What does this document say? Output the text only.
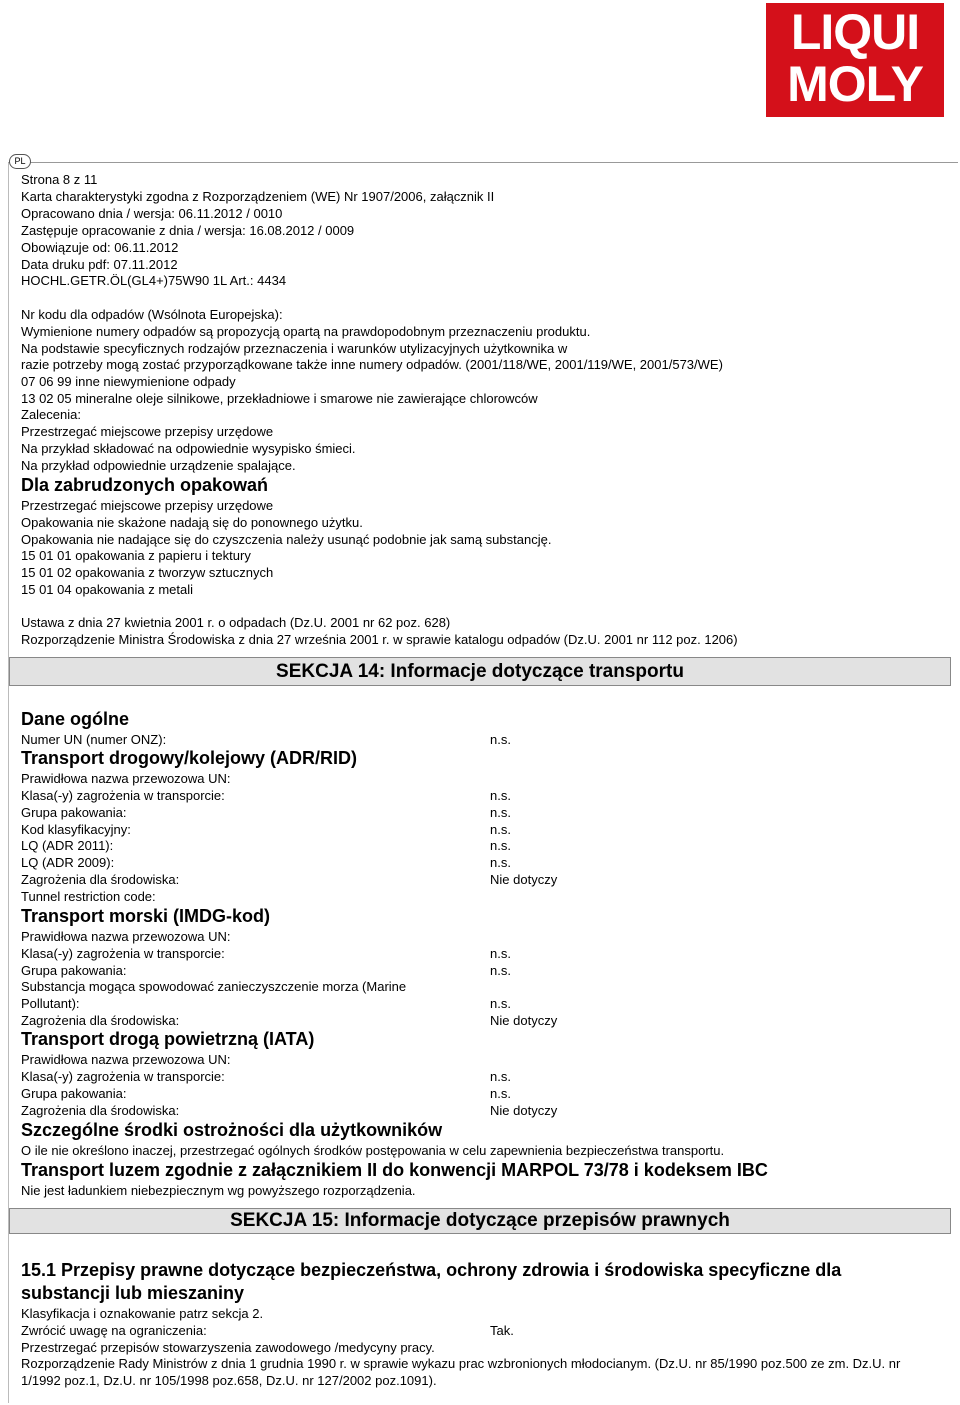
LIQUI
MOLY
PL
Strona 8 z 11
Karta charakterystyki zgodna z Rozporządzeniem (WE) Nr 1907/2006, załącznik II
Opracowano dnia / wersja: 06.11.2012 / 0010
Zastępuje opracowanie z dnia / wersja: 16.08.2012 / 0009
Obowiązuje od: 06.11.2012
Data druku pdf: 07.11.2012
HOCHL.GETR.ÖL(GL4+)75W90 1L Art.: 4434
Nr kodu dla odpadów (Wsólnota Europejska):
Wymienione numery odpadów są propozycją opartą na prawdopodobnym przeznaczeniu produktu.
Na podstawie specyficznych rodzajów przeznaczenia i warunków utylizacyjnych użytkownika w
razie potrzeby mogą zostać przyporządkowane także inne numery odpadów. (2001/118/WE, 2001/119/WE, 2001/573/WE)
07 06 99 inne niewymienione odpady
13 02 05 mineralne oleje silnikowe, przekładniowe i smarowe nie zawierające chlorowców
Zalecenia:
Przestrzegać miejscowe przepisy urzędowe
Na przykład składować na odpowiednie wysypisko śmieci.
Na przykład odpowiednie urządzenie spalające.
Dla zabrudzonych opakowań
Przestrzegać miejscowe przepisy urzędowe
Opakowania nie skażone nadają się do ponownego użytku.
Opakowania nie nadające się do czyszczenia należy usunąć podobnie jak samą substancję.
15 01 01 opakowania z papieru i tektury
15 01 02 opakowania z tworzyw sztucznych
15 01 04 opakowania z metali
Ustawa z dnia 27 kwietnia 2001 r. o odpadach (Dz.U. 2001 nr 62 poz. 628)
Rozporządzenie Ministra Środowiska z dnia 27 września 2001 r. w sprawie katalogu odpadów (Dz.U. 2001 nr 112 poz. 1206)
SEKCJA 14: Informacje dotyczące transportu
Dane ogólne
Numer UN (numer ONZ):	n.s.
Transport drogowy/kolejowy (ADR/RID)
Prawidłowa nazwa przewozowa UN:
Klasa(-y) zagrożenia w transporcie:	n.s.
Grupa pakowania:	n.s.
Kod klasyfikacyjny:	n.s.
LQ (ADR 2011):	n.s.
LQ (ADR 2009):	n.s.
Zagrożenia dla środowiska:	Nie dotyczy
Tunnel restriction code:
Transport morski (IMDG-kod)
Prawidłowa nazwa przewozowa UN:
Klasa(-y) zagrożenia w transporcie:	n.s.
Grupa pakowania:	n.s.
Substancja mogąca spowodować zanieczyszczenie morza (Marine
Pollutant):	n.s.
Zagrożenia dla środowiska:	Nie dotyczy
Transport drogą powietrzną (IATA)
Prawidłowa nazwa przewozowa UN:
Klasa(-y) zagrożenia w transporcie:	n.s.
Grupa pakowania:	n.s.
Zagrożenia dla środowiska:	Nie dotyczy
Szczególne środki ostrożności dla użytkowników
O ile nie określono inaczej, przestrzegać ogólnych środków postępowania w celu zapewnienia bezpieczeństwa transportu.
Transport luzem zgodnie z załącznikiem II do konwencji MARPOL 73/78 i kodeksem IBC
Nie jest ładunkiem niebezpiecznym wg powyższego rozporządzenia.
SEKCJA 15: Informacje dotyczące przepisów prawnych
15.1 Przepisy prawne dotyczące bezpieczeństwa, ochrony zdrowia i środowiska specyficzne dla substancji lub mieszaniny
Klasyfikacja i oznakowanie patrz sekcja 2.
Zwrócić uwagę na ograniczenia:	Tak.
Przestrzegać przepisów stowarzyszenia zawodowego /medycyny pracy.
Rozporządzenie Rady Ministrów z dnia 1 grudnia 1990 r. w sprawie wykazu prac wzbronionych młodocianym. (Dz.U. nr 85/1990 poz.500 ze zm. Dz.U. nr 1/1992 poz.1, Dz.U. nr 105/1998 poz.658, Dz.U. nr 127/2002 poz.1091).
